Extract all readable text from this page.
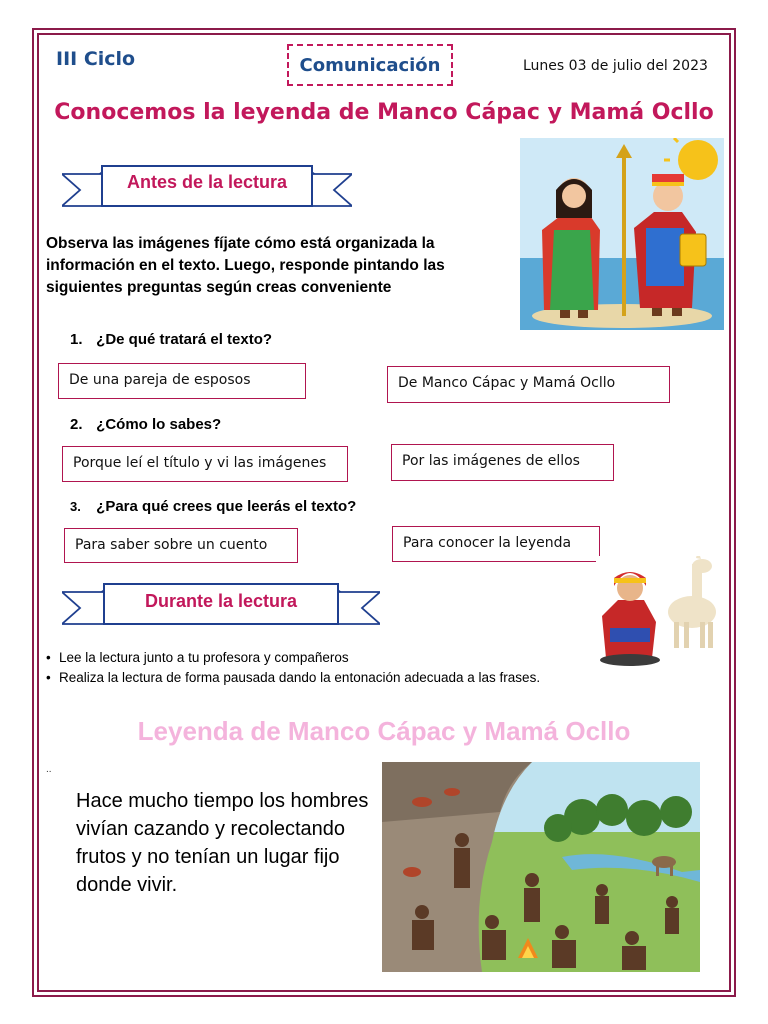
III Ciclo	Comunicación	Lunes 03 de julio del 2023
Conocemos la leyenda de Manco Cápac y Mamá Ocllo
Antes de la lectura
Observa las imágenes fíjate cómo está organizada la información en el texto. Luego, responde pintando las siguientes preguntas según creas conveniente
1. ¿De qué tratará el texto?
De una pareja de esposos	De Manco Cápac y Mamá Ocllo
2. ¿Cómo lo sabes?
Porque leí el título y vi las imágenes	Por las imágenes de ellos
3. ¿Para qué crees que leerás el texto?
Para saber sobre un cuento	Para conocer la leyenda
Durante la lectura
• Lee la lectura junto a tu profesora y compañeros
• Realiza la lectura de forma pausada dando la entonación adecuada a las frases.
Leyenda de Manco Cápac y Mamá Ocllo
..
Hace mucho tiempo los hombres vivían cazando y recolectando frutos y no tenían un lugar fijo donde vivir.
